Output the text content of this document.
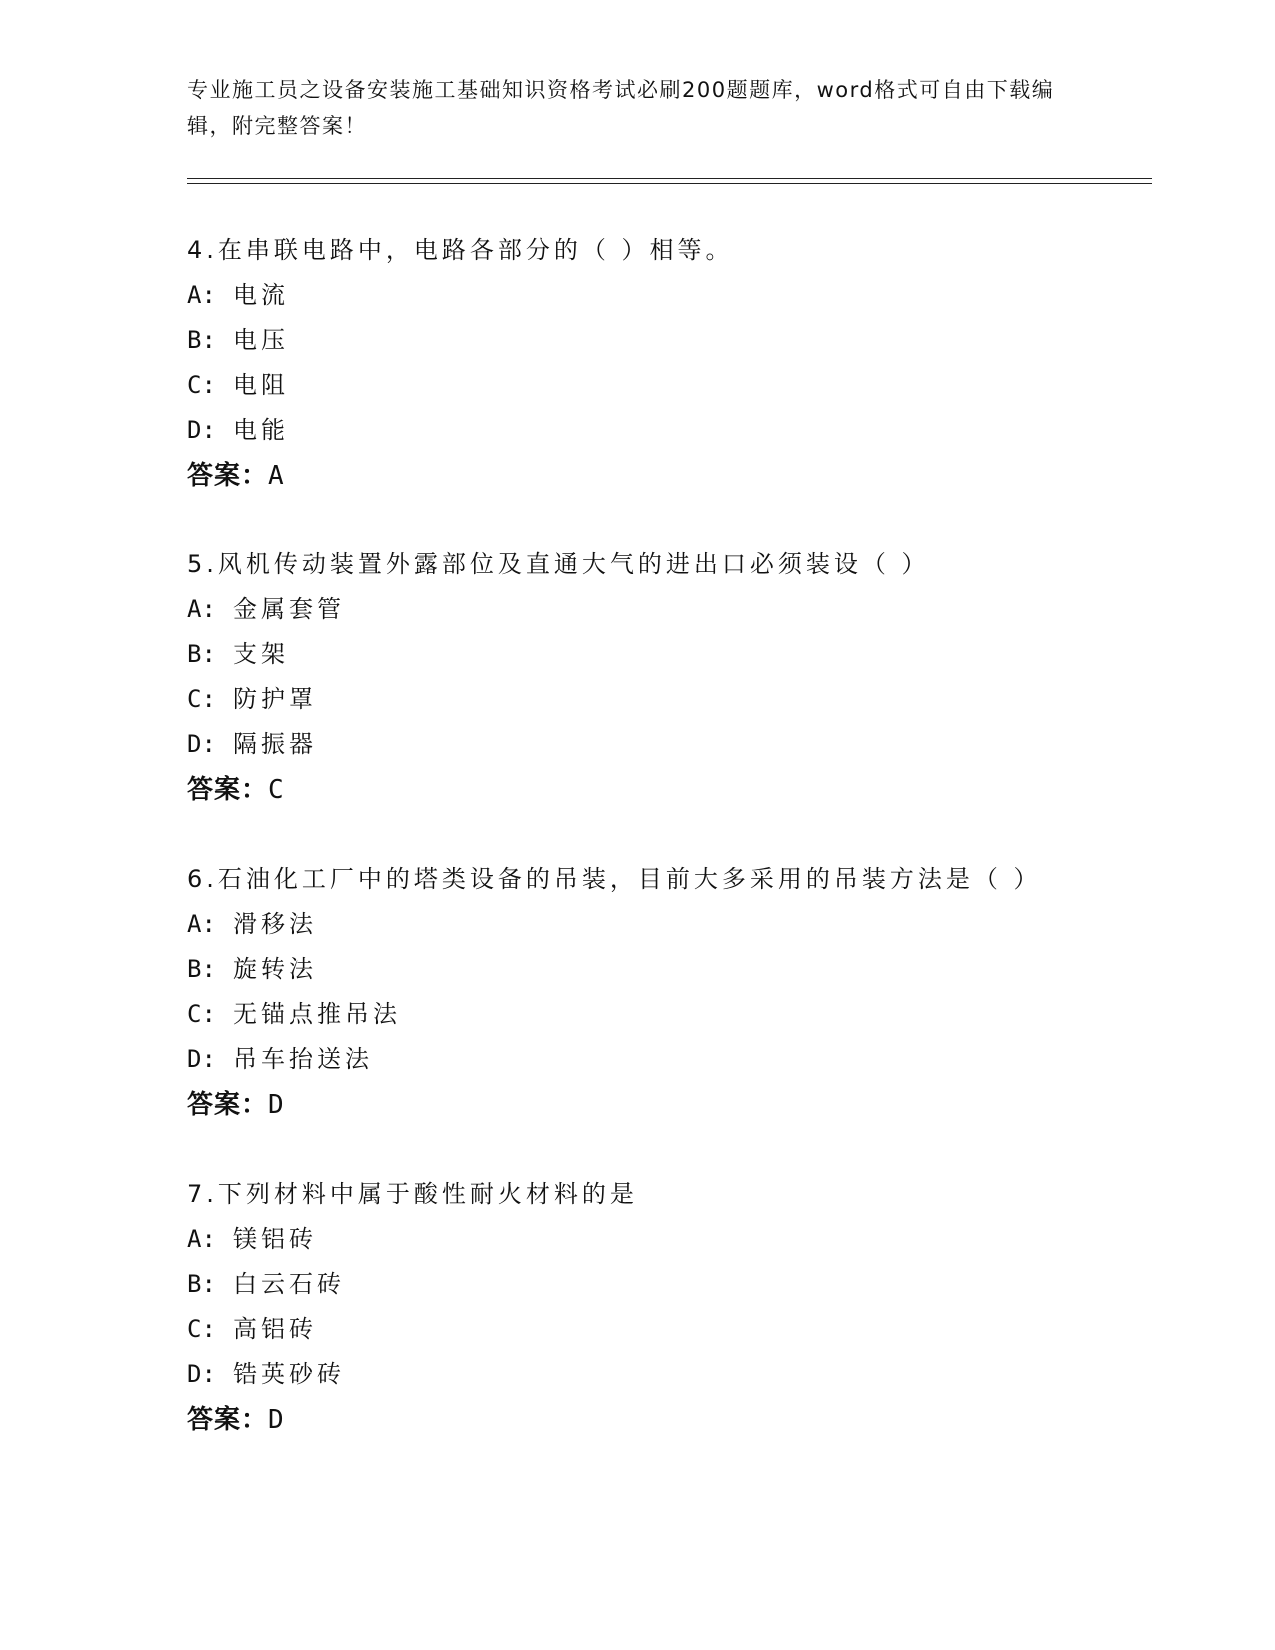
专业施工员之设备安装施工基础知识资格考试必刷200题题库，word格式可自由下载编辑，附完整答案！
4.在串联电路中，电路各部分的（ ）相等。
A: 电流
B: 电压
C: 电阻
D: 电能
答案：A
5.风机传动装置外露部位及直通大气的进出口必须装设（ ）
A: 金属套管
B: 支架
C: 防护罩
D: 隔振器
答案：C
6.石油化工厂中的塔类设备的吊装，目前大多采用的吊装方法是（ ）
A: 滑移法
B: 旋转法
C: 无锚点推吊法
D: 吊车抬送法
答案：D
7.下列材料中属于酸性耐火材料的是
A: 镁铝砖
B: 白云石砖
C: 高铝砖
D: 锆英砂砖
答案：D
